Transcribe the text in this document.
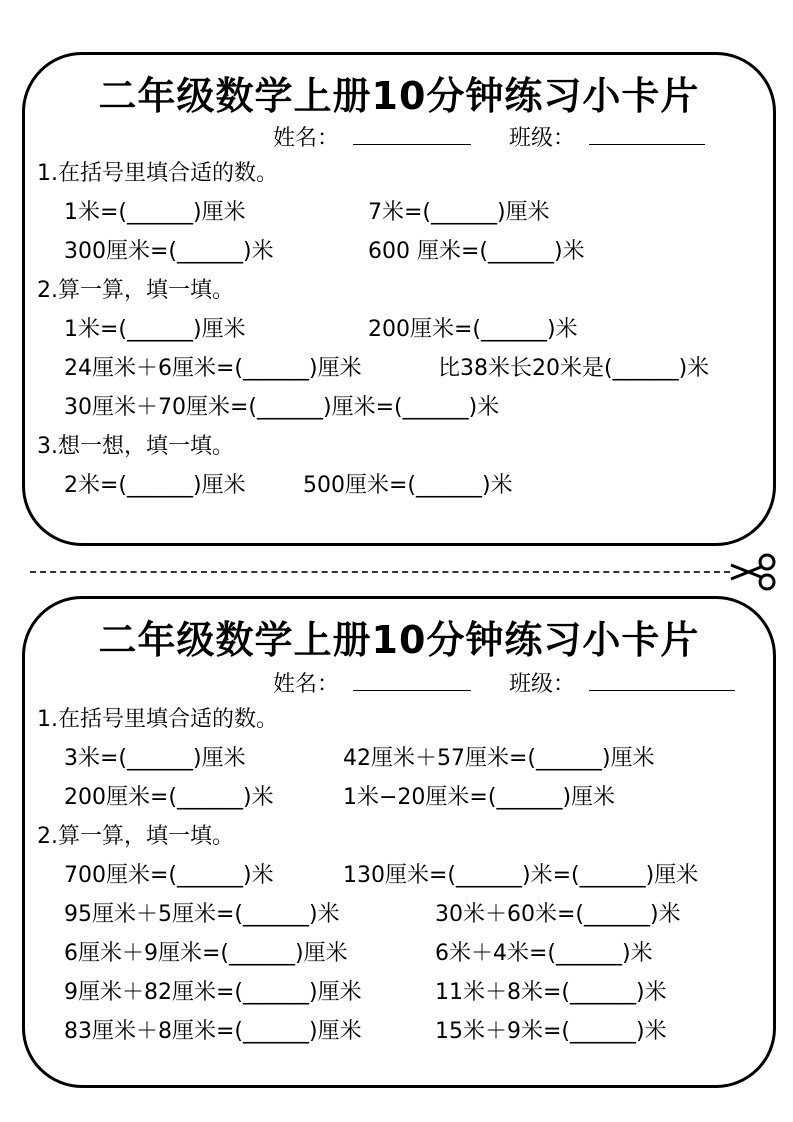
二年级数学上册10分钟练习小卡片
姓名：	班级：
1.在括号里填合适的数。
1米=(______)厘米	7米=(______)厘米
300厘米=(______)米	600 厘米=(______)米
2.算一算，填一填。
1米=(______)厘米	200厘米=(______)米
24厘米＋6厘米=(______)厘米	比38米长20米是(______)米
30厘米＋70厘米=(______)厘米=(______)米
3.想一想，填一填。
2米=(______)厘米	500厘米=(______)米
二年级数学上册10分钟练习小卡片
姓名：	班级：
1.在括号里填合适的数。
3米=(______)厘米	42厘米＋57厘米=(______)厘米
200厘米=(______)米	1米−20厘米=(______)厘米
2.算一算，填一填。
700厘米=(______)米	130厘米=(______)米=(______)厘米
95厘米＋5厘米=(______)米	30米＋60米=(______)米
6厘米＋9厘米=(______)厘米	6米＋4米=(______)米
9厘米＋82厘米=(______)厘米	11米＋8米=(______)米
83厘米＋8厘米=(______)厘米	15米＋9米=(______)米
